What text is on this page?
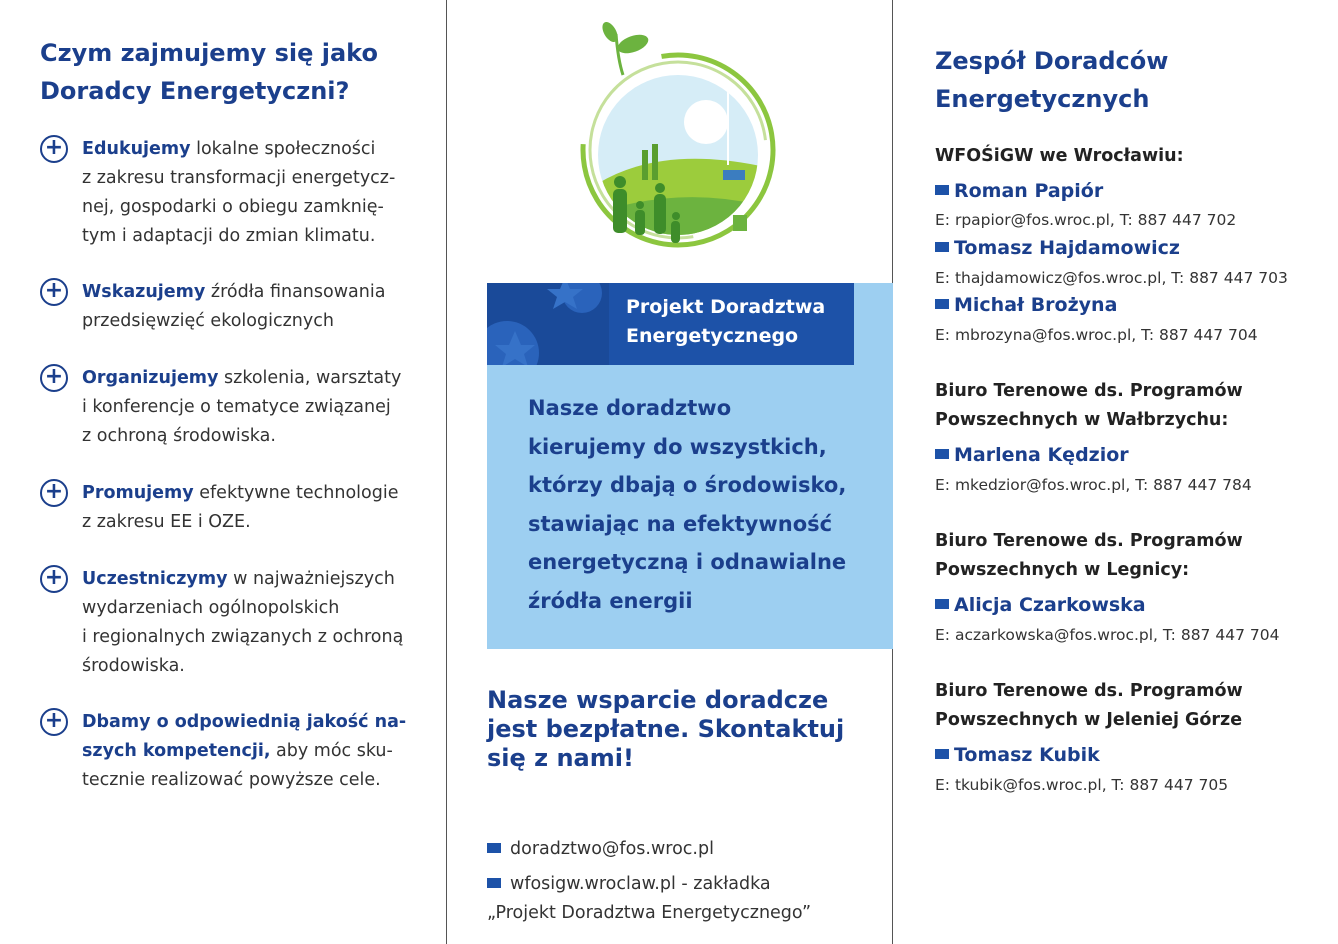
Czym zajmujemy się jako Doradcy Energetyczni?
+ Edukujemy lokalne społeczności
z zakresu transformacji energetycz-
nej, gospodarki o obiegu zamknię-
tym i adaptacji do zmian klimatu.

+ Wskazujemy źródła finansowania
przedsięwzięć ekologicznych

+ Organizujemy szkolenia, warsztaty
i konferencje o tematyce związanej
z ochroną środowiska.

+ Promujemy efektywne technologie
z zakresu EE i OZE.

+ Uczestniczymy w najważniejszych
wydarzeniach ogólnopolskich
i regionalnych związanych z ochroną
środowiska.

+ Dbamy o odpowiednią jakość na-
szych kompetencji, aby móc sku-
tecznie realizować powyższe cele.

Projekt Doradztwa
Energetycznego
Nasze doradztwo
kierujemy do wszystkich,
którzy dbają o środowisko,
stawiając na efektywność
energetyczną i odnawialne
źródła energii
Nasze wsparcie doradcze
jest bezpłatne. Skontaktuj
się z nami!

doradztwo@fos.wroc.pl

wfosigw.wroclaw.pl - zakładka
„Projekt Doradztwa Energetycznego”

Zespół Doradców
Energetycznych
WFOŚiGW we Wrocławiu:
Roman Papiór
E: rpapior@fos.wroc.pl, T: 887 447 702
Tomasz Hajdamowicz
E: thajdamowicz@fos.wroc.pl, T: 887 447 703
Michał Brożyna
E: mbrozyna@fos.wroc.pl, T: 887 447 704
Biuro Terenowe ds. Programów
Powszechnych w Wałbrzychu:
Marlena Kędzior
E: mkedzior@fos.wroc.pl, T: 887 447 784
Biuro Terenowe ds. Programów
Powszechnych w Legnicy:
Alicja Czarkowska
E: aczarkowska@fos.wroc.pl, T: 887 447 704
Biuro Terenowe ds. Programów
Powszechnych w Jeleniej Górze
Tomasz Kubik
E: tkubik@fos.wroc.pl, T: 887 447 705
